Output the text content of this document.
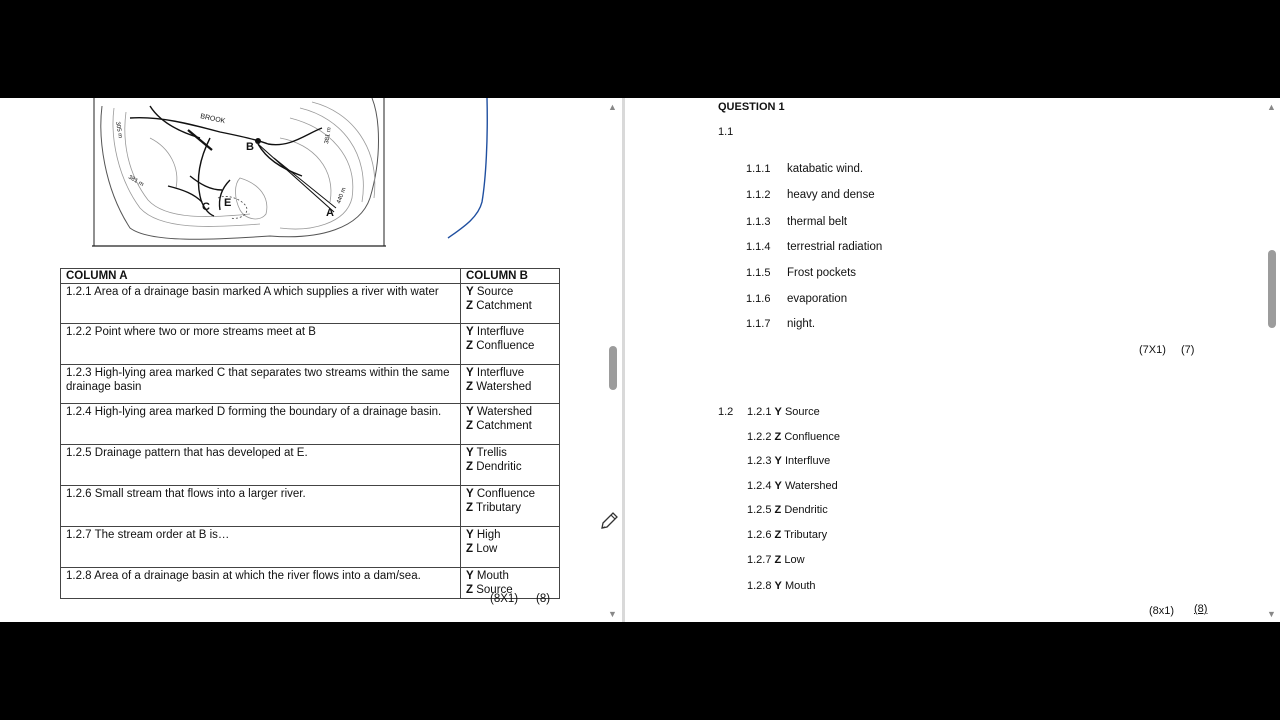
BROOK
B
A
C E
381 m
381 m
440 m
305 m
COLUMN A	COLUMN B
1.2.1 Area of a drainage basin marked A which supplies a river with water	Y Source
Z Catchment

1.2.2 Point where two or more streams meet at B	Y Interfluve
Z Confluence

1.2.3 High-lying area marked C that separates two streams within the same drainage basin	Y Interfluve
Z Watershed

1.2.4 High-lying area marked D forming the boundary of a drainage basin.	Y Watershed
Z Catchment

1.2.5 Drainage pattern that has developed at E.	Y Trellis
Z Dendritic

1.2.6 Small stream that flows into a larger river.	Y Confluence
Z Tributary

1.2.7 The stream order at B is…	Y High
Z Low

1.2.8 Area of a drainage basin at which the river flows into a dam/sea.	Y Mouth
Z Source
(8X1) (8)
▲
▼
QUESTION 1
1.1
1.1.1 katabatic wind.
1.1.2 heavy and dense
1.1.3 thermal belt
1.1.4 terrestrial radiation
1.1.5 Frost pockets
1.1.6 evaporation
1.1.7 night.
(7X1) (7)
1.2 1.2.1 Y Source
1.2.2 Z Confluence
1.2.3 Y Interfluve
1.2.4 Y Watershed
1.2.5 Z Dendritic
1.2.6 Z Tributary
1.2.7 Z Low
1.2.8 Y Mouth
(8x1) (8)
▲
▼
